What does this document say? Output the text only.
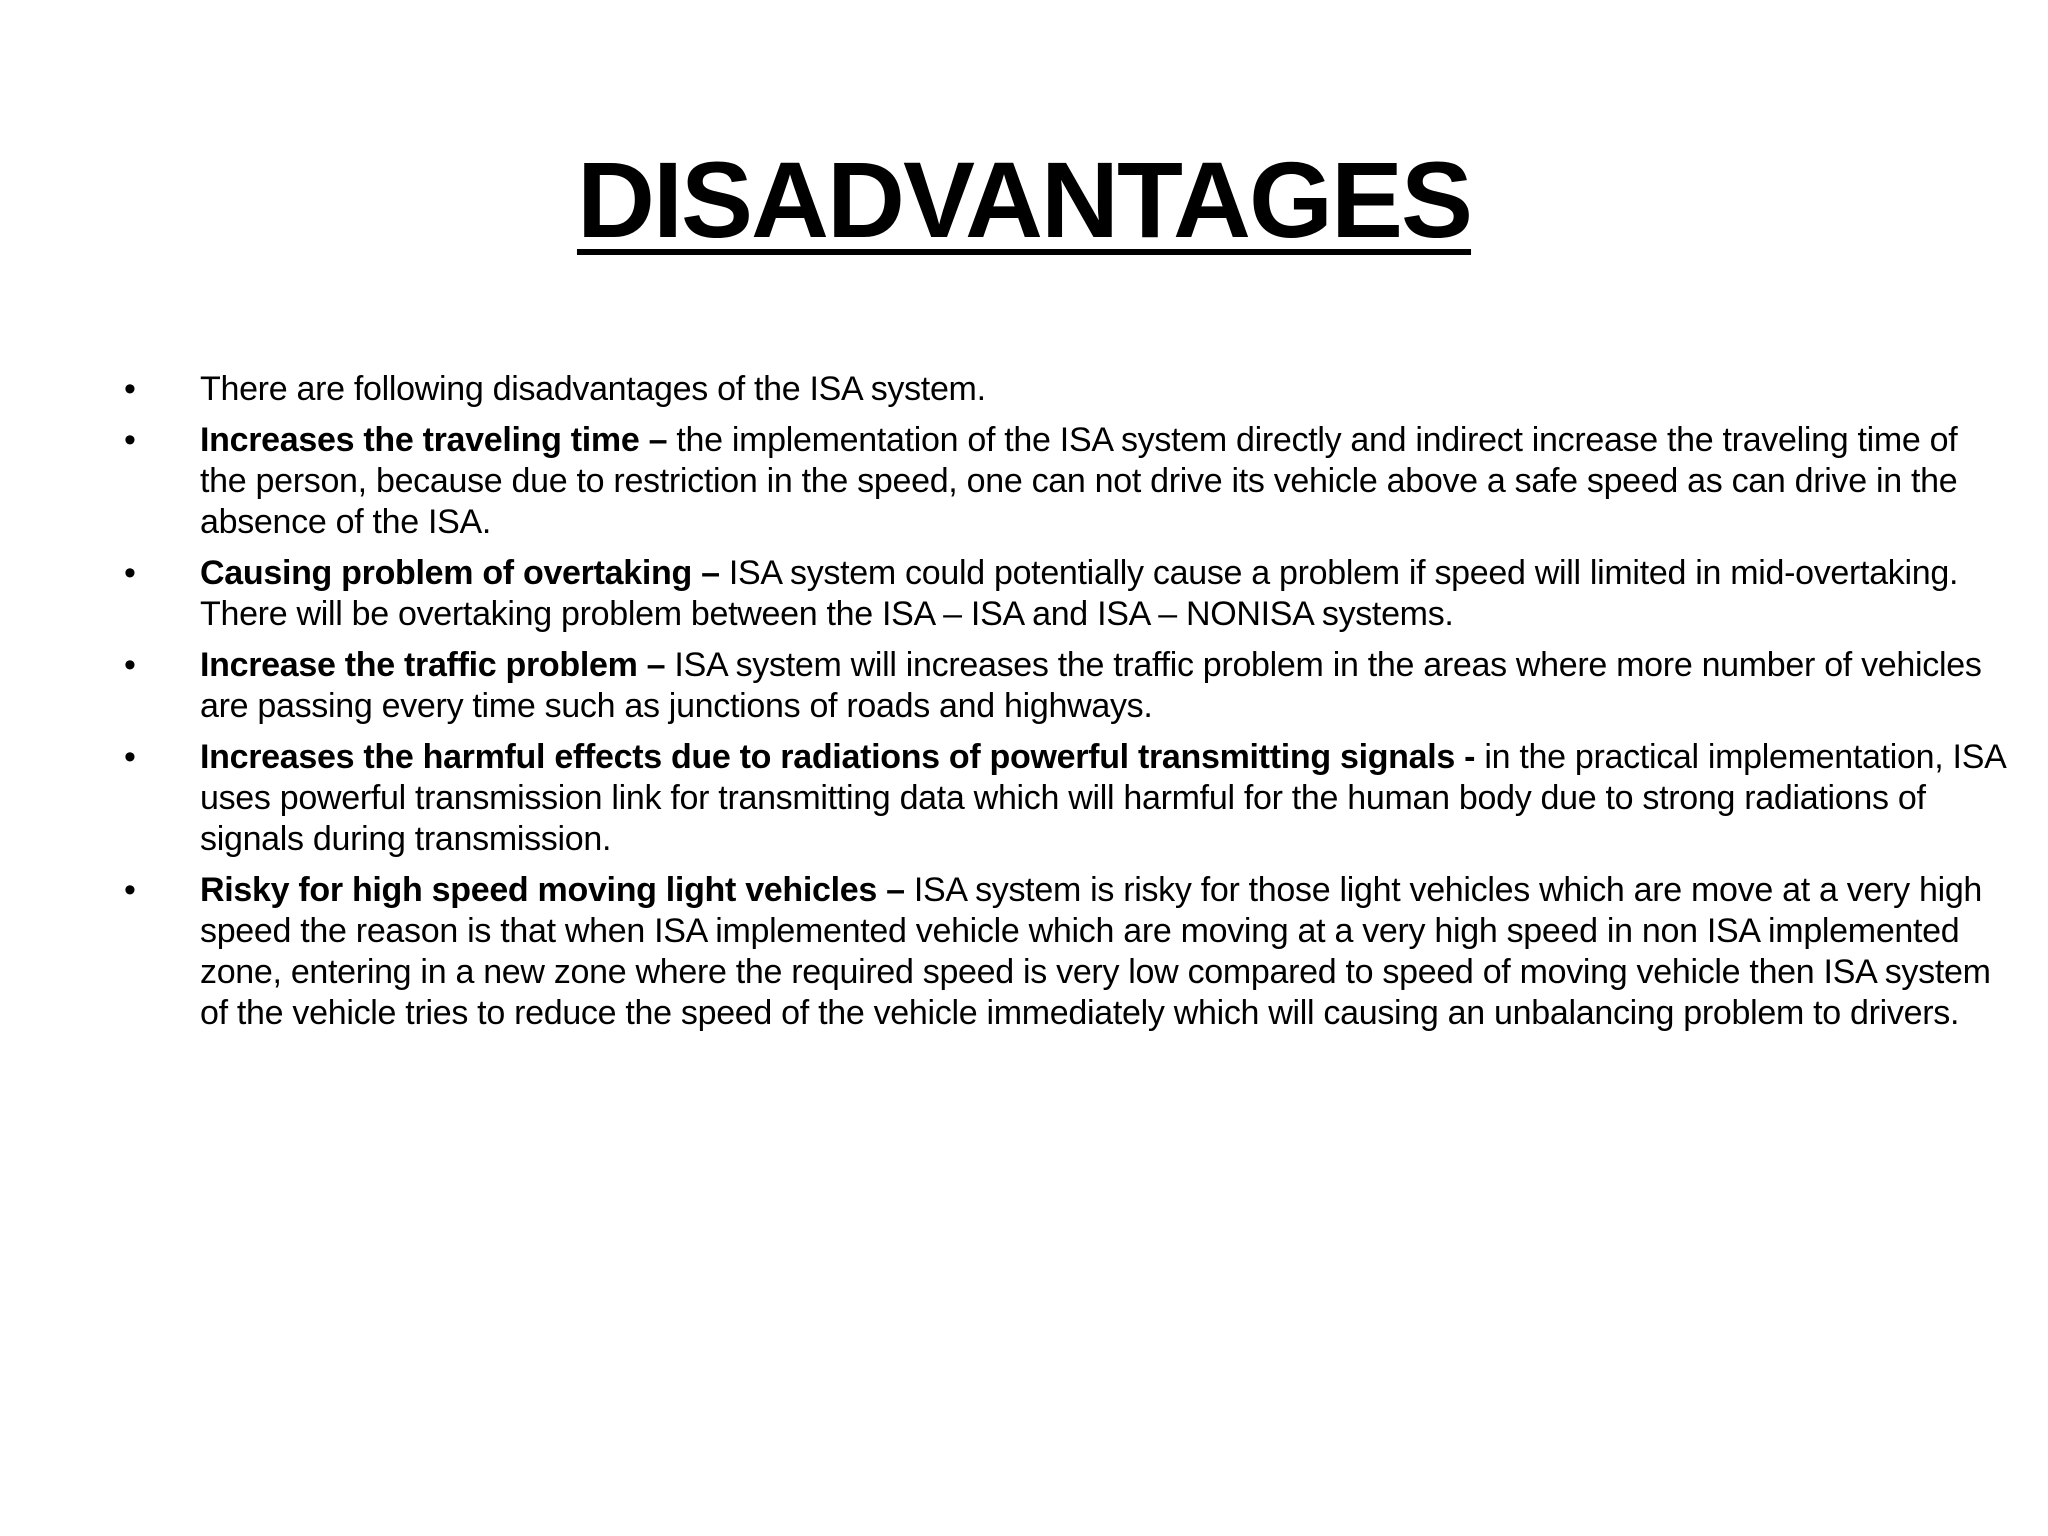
DISADVANTAGES
• There are following disadvantages of the ISA system.
• Increases the traveling time – the implementation of the ISA system directly and indirect increase the traveling time of the person, because due to restriction in the speed, one can not drive its vehicle above a safe speed as can drive in the absence of the ISA.
• Causing problem of overtaking – ISA system could potentially cause a problem if speed will limited in mid-overtaking. There will be overtaking problem between the ISA – ISA and ISA – NONISA systems.
• Increase the traffic problem – ISA system will increases the traffic problem in the areas where more number of vehicles are passing every time such as junctions of roads and highways.
• Increases the harmful effects due to radiations of powerful transmitting signals - in the practical implementation, ISA uses powerful transmission link for transmitting data which will harmful for the human body due to strong radiations of signals during transmission.
• Risky for high speed moving light vehicles – ISA system is risky for those light vehicles which are move at a very high speed the reason is that when ISA implemented vehicle which are moving at a very high speed in non ISA implemented zone, entering in a new zone where the required speed is very low compared to speed of moving vehicle then ISA system of the vehicle tries to reduce the speed of the vehicle immediately which will causing an unbalancing problem to drivers.
